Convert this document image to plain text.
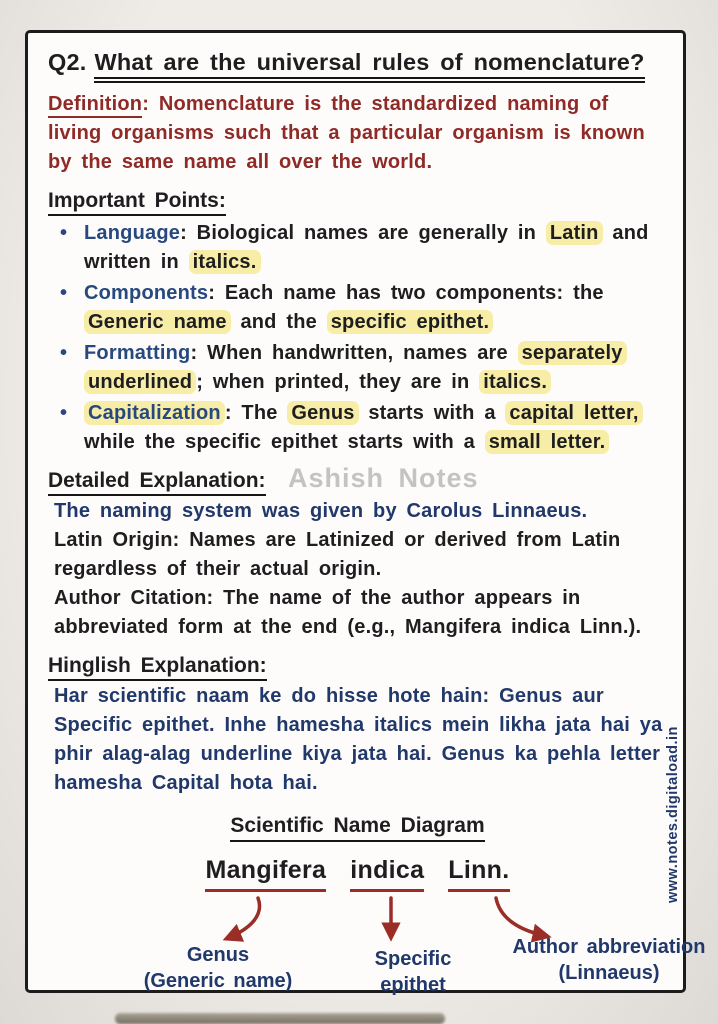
Q2. What are the universal rules of nomenclature?
Definition: Nomenclature is the standardized naming of living organisms such that a particular organism is known by the same name all over the world.
Important Points:
• Language: Biological names are generally in Latin and written in italics.
• Components: Each name has two components: the Generic name and the specific epithet.
• Formatting: When handwritten, names are separately underlined ; when printed, they are in italics.
•	Capitalization : The Genus starts with a capital letter, while the specific epithet starts with a small letter.
Detailed Explanation: Ashish Notes

The naming system was given by Carolus Linnaeus.

Latin Origin: Names are Latinized or derived from Latin regardless of their actual origin.

Author Citation: The name of the author appears in abbreviated form at the end (e.g., Mangifera indica Linn.).

Hinglish Explanation:

Har scientific naam ke do hisse hote hain: Genus aur Specific epithet. Inhe hamesha italics mein likha jata hai ya phir alag-alag underline kiya jata hai. Genus ka pehla letter hamesha Capital hota hai.

Scientific Name Diagram
Mangifera indica Linn.
Genus
(Generic name)
Specific
epithet
Author abbreviation
(Linnaeus)
www.notes.digitaload.in
